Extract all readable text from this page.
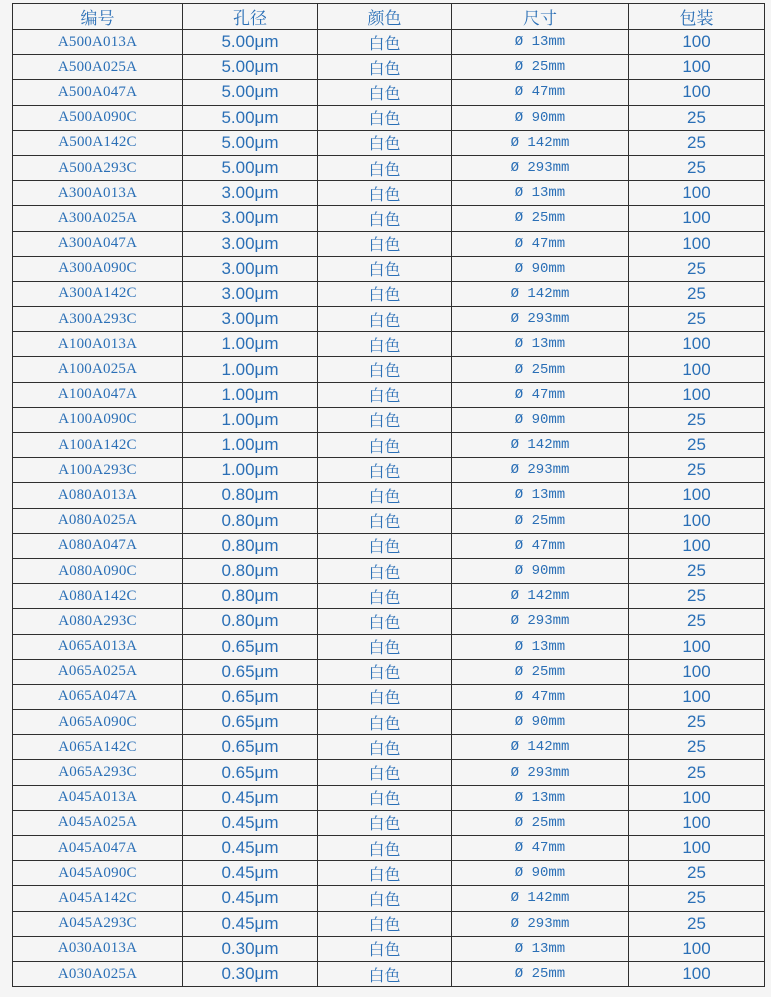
编号	孔径	颜色	尺寸	包装
A500A013A	5.00μm	白色	Ø 13mm	100
A500A025A	5.00μm	白色	Ø 25mm	100
A500A047A	5.00μm	白色	Ø 47mm	100
A500A090C	5.00μm	白色	Ø 90mm	25
A500A142C	5.00μm	白色	Ø 142mm	25
A500A293C	5.00μm	白色	Ø 293mm	25
A300A013A	3.00μm	白色	Ø 13mm	100
A300A025A	3.00μm	白色	Ø 25mm	100
A300A047A	3.00μm	白色	Ø 47mm	100
A300A090C	3.00μm	白色	Ø 90mm	25
A300A142C	3.00μm	白色	Ø 142mm	25
A300A293C	3.00μm	白色	Ø 293mm	25
A100A013A	1.00μm	白色	Ø 13mm	100
A100A025A	1.00μm	白色	Ø 25mm	100
A100A047A	1.00μm	白色	Ø 47mm	100
A100A090C	1.00μm	白色	Ø 90mm	25
A100A142C	1.00μm	白色	Ø 142mm	25
A100A293C	1.00μm	白色	Ø 293mm	25
A080A013A	0.80μm	白色	Ø 13mm	100
A080A025A	0.80μm	白色	Ø 25mm	100
A080A047A	0.80μm	白色	Ø 47mm	100
A080A090C	0.80μm	白色	Ø 90mm	25
A080A142C	0.80μm	白色	Ø 142mm	25
A080A293C	0.80μm	白色	Ø 293mm	25
A065A013A	0.65μm	白色	Ø 13mm	100
A065A025A	0.65μm	白色	Ø 25mm	100
A065A047A	0.65μm	白色	Ø 47mm	100
A065A090C	0.65μm	白色	Ø 90mm	25
A065A142C	0.65μm	白色	Ø 142mm	25
A065A293C	0.65μm	白色	Ø 293mm	25
A045A013A	0.45μm	白色	Ø 13mm	100
A045A025A	0.45μm	白色	Ø 25mm	100
A045A047A	0.45μm	白色	Ø 47mm	100
A045A090C	0.45μm	白色	Ø 90mm	25
A045A142C	0.45μm	白色	Ø 142mm	25
A045A293C	0.45μm	白色	Ø 293mm	25
A030A013A	0.30μm	白色	Ø 13mm	100
A030A025A	0.30μm	白色	Ø 25mm	100
